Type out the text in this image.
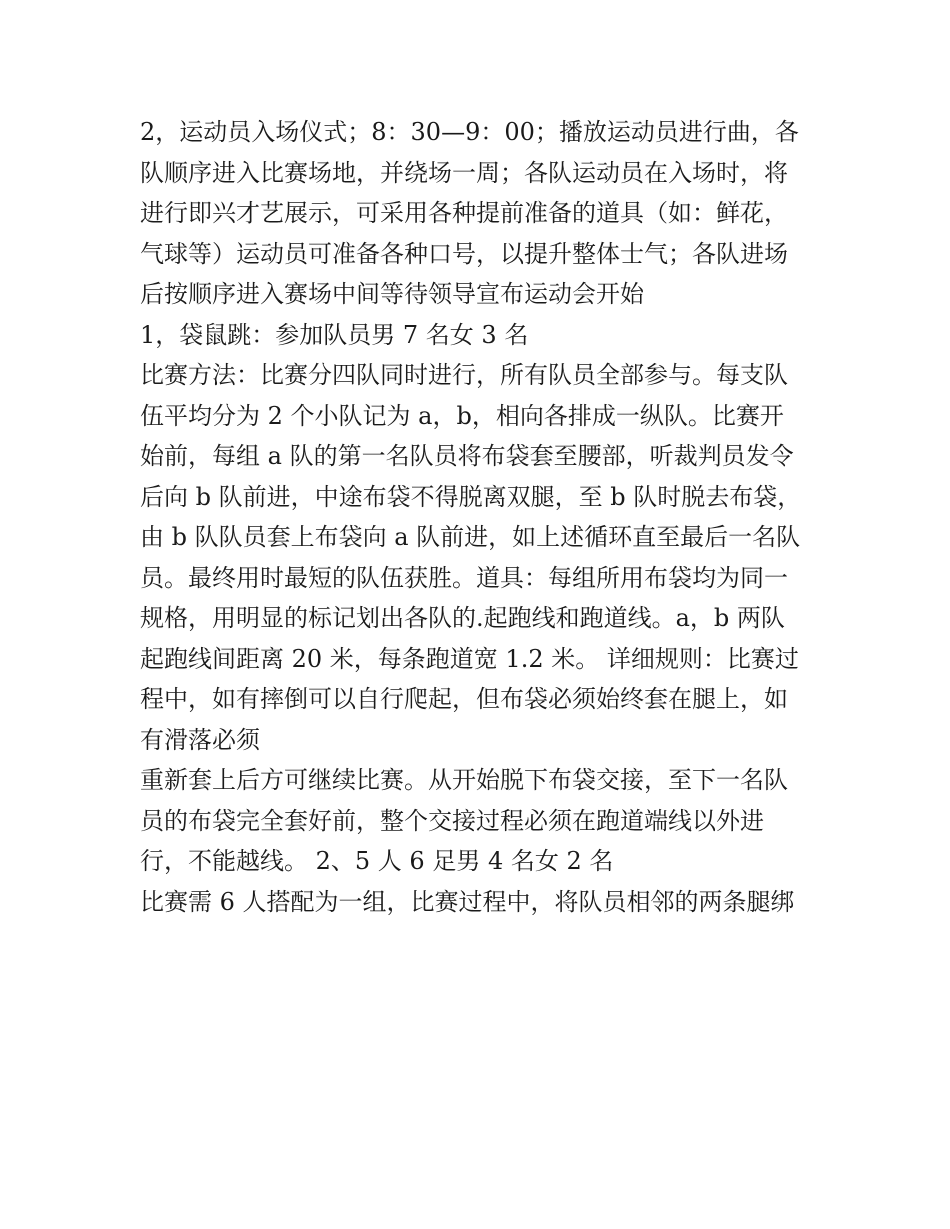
2，运动员入场仪式；8：30—9：00；播放运动员进行曲，各
队顺序进入比赛场地，并绕场一周；各队运动员在入场时，将
进行即兴才艺展示，可采用各种提前准备的道具（如：鲜花，
气球等）运动员可准备各种口号，以提升整体士气；各队进场
后按顺序进入赛场中间等待领导宣布运动会开始
1，袋鼠跳：参加队员男 7 名女 3 名
比赛方法：比赛分四队同时进行，所有队员全部参与。每支队
伍平均分为 2 个小队记为 a，b，相向各排成一纵队。比赛开
始前，每组 a 队的第一名队员将布袋套至腰部，听裁判员发令
后向 b 队前进，中途布袋不得脱离双腿，至 b 队时脱去布袋，
由 b 队队员套上布袋向 a 队前进，如上述循环直至最后一名队
员。最终用时最短的队伍获胜。道具：每组所用布袋均为同一
规格，用明显的标记划出各队的.起跑线和跑道线。a，b 两队
起跑线间距离 20 米，每条跑道宽 1.2 米。 详细规则：比赛过
程中，如有摔倒可以自行爬起，但布袋必须始终套在腿上，如
有滑落必须
重新套上后方可继续比赛。从开始脱下布袋交接，至下一名队
员的布袋完全套好前，整个交接过程必须在跑道端线以外进
行，不能越线。 2、5 人 6 足男 4 名女 2 名
比赛需 6 人搭配为一组，比赛过程中，将队员相邻的两条腿绑
